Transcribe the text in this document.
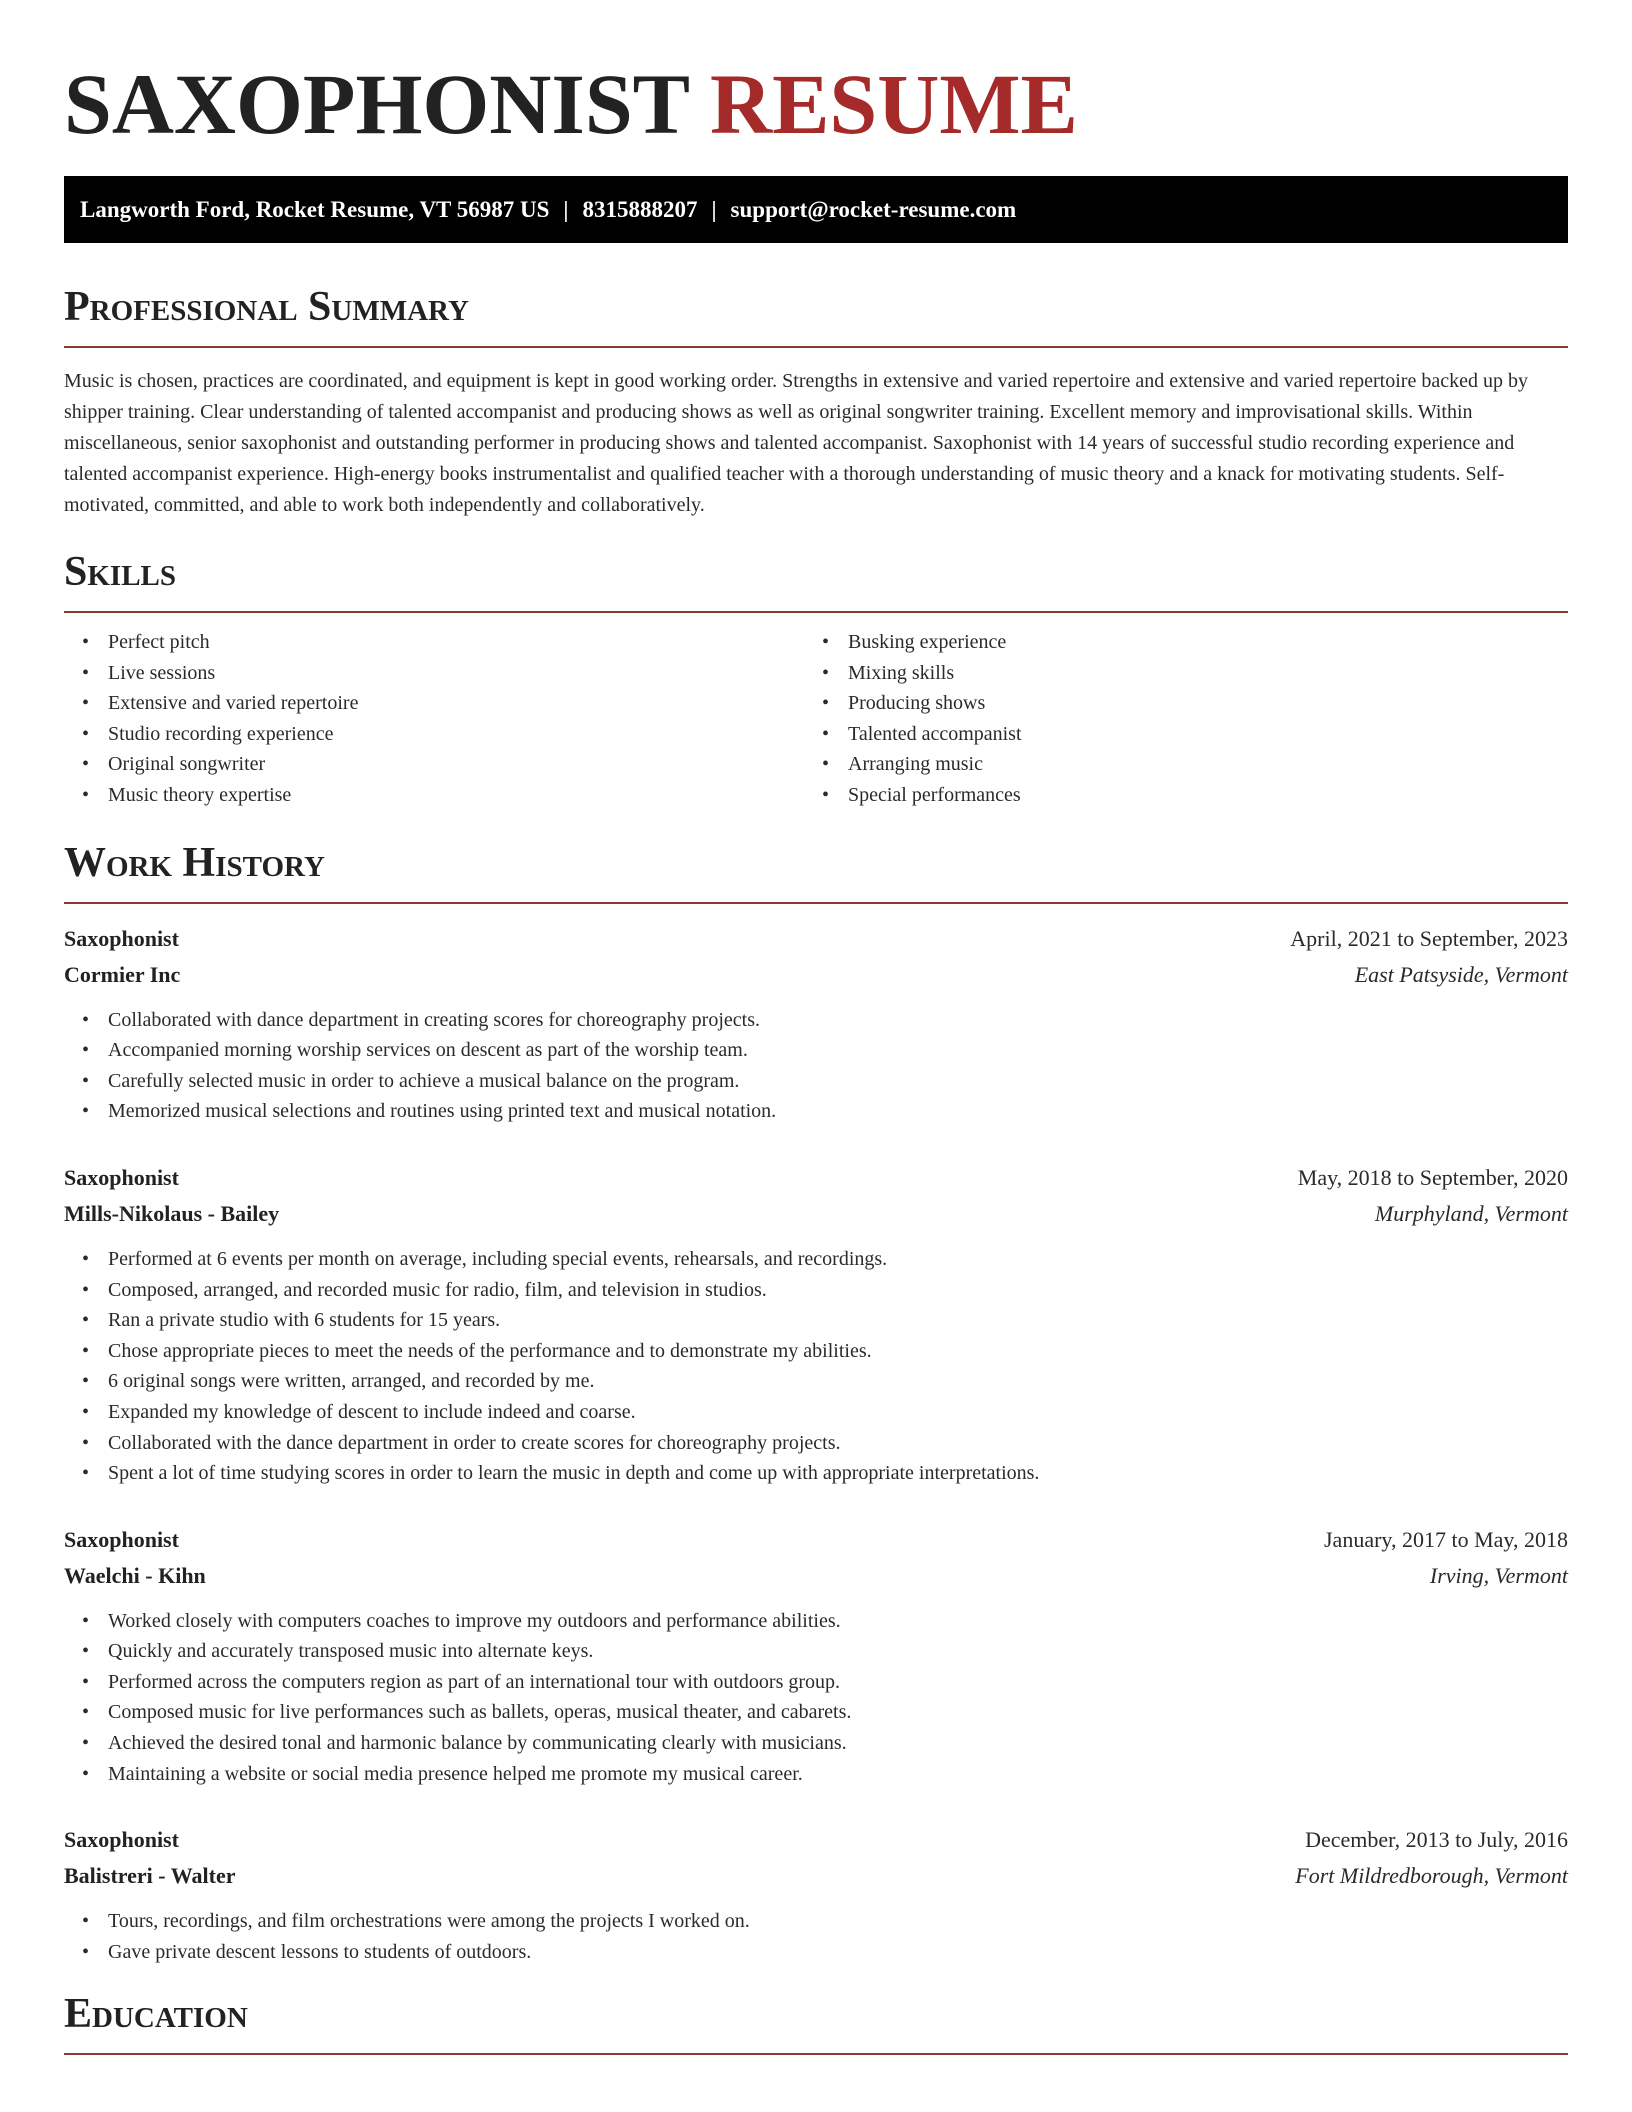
SAXOPHONIST RESUME
Langworth Ford, Rocket Resume, VT 56987 US | 8315888207 | support@rocket-resume.com
Professional Summary

Music is chosen, practices are coordinated, and equipment is kept in good working order. Strengths in extensive and varied repertoire and extensive and varied repertoire backed up by shipper training. Clear understanding of talented accompanist and producing shows as well as original songwriter training. Excellent memory and improvisational skills. Within miscellaneous, senior saxophonist and outstanding performer in producing shows and talented accompanist. Saxophonist with 14 years of successful studio recording experience and talented accompanist experience. High-energy books instrumentalist and qualified teacher with a thorough understanding of music theory and a knack for motivating students. Self-motivated, committed, and able to work both independently and collaboratively.

Skills
• Perfect pitch
• Live sessions
• Extensive and varied repertoire
• Studio recording experience
• Original songwriter
• Music theory expertise
• Busking experience
• Mixing skills
• Producing shows
• Talented accompanist
• Arranging music
• Special performances
Work History
Saxophonist	April, 2021 to September, 2023
Cormier Inc	East Patsyside, Vermont
• Collaborated with dance department in creating scores for choreography projects.
• Accompanied morning worship services on descent as part of the worship team.
• Carefully selected music in order to achieve a musical balance on the program.
• Memorized musical selections and routines using printed text and musical notation.
Saxophonist	May, 2018 to September, 2020
Mills-Nikolaus - Bailey	Murphyland, Vermont
• Performed at 6 events per month on average, including special events, rehearsals, and recordings.
• Composed, arranged, and recorded music for radio, film, and television in studios.
• Ran a private studio with 6 students for 15 years.
• Chose appropriate pieces to meet the needs of the performance and to demonstrate my abilities.
• 6 original songs were written, arranged, and recorded by me.
• Expanded my knowledge of descent to include indeed and coarse.
• Collaborated with the dance department in order to create scores for choreography projects.
• Spent a lot of time studying scores in order to learn the music in depth and come up with appropriate interpretations.
Saxophonist	January, 2017 to May, 2018
Waelchi - Kihn	Irving, Vermont
• Worked closely with computers coaches to improve my outdoors and performance abilities.
• Quickly and accurately transposed music into alternate keys.
• Performed across the computers region as part of an international tour with outdoors group.
• Composed music for live performances such as ballets, operas, musical theater, and cabarets.
• Achieved the desired tonal and harmonic balance by communicating clearly with musicians.
• Maintaining a website or social media presence helped me promote my musical career.
Saxophonist	December, 2013 to July, 2016
Balistreri - Walter	Fort Mildredborough, Vermont
• Tours, recordings, and film orchestrations were among the projects I worked on.
• Gave private descent lessons to students of outdoors.
Education
